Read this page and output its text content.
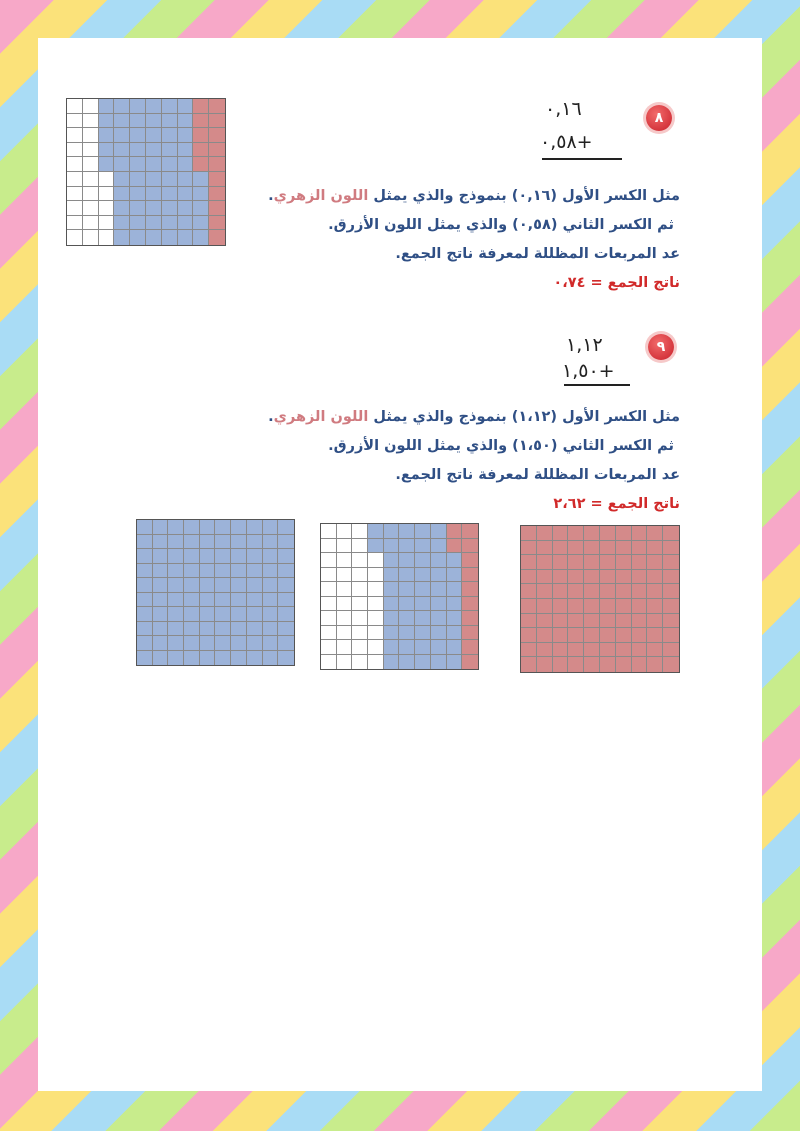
٠,١٦
٠,٥٨+
٨
مثل الكسر الأول (٠,١٦) بنموذج والذي يمثل اللون الزهري.
ثم الكسر الثاني (٠,٥٨) والذي يمثل اللون الأزرق.
عد المربعات المظللة لمعرفة ناتج الجمع.
ناتج الجمع = ٠،٧٤
١,١٢
١,٥٠+
٩
مثل الكسر الأول (١،١٢) بنموذج والذي يمثل اللون الزهري.
ثم الكسر الثاني (١،٥٠) والذي يمثل اللون الأزرق.
عد المربعات المظللة لمعرفة ناتج الجمع.
ناتج الجمع = ٢،٦٢
